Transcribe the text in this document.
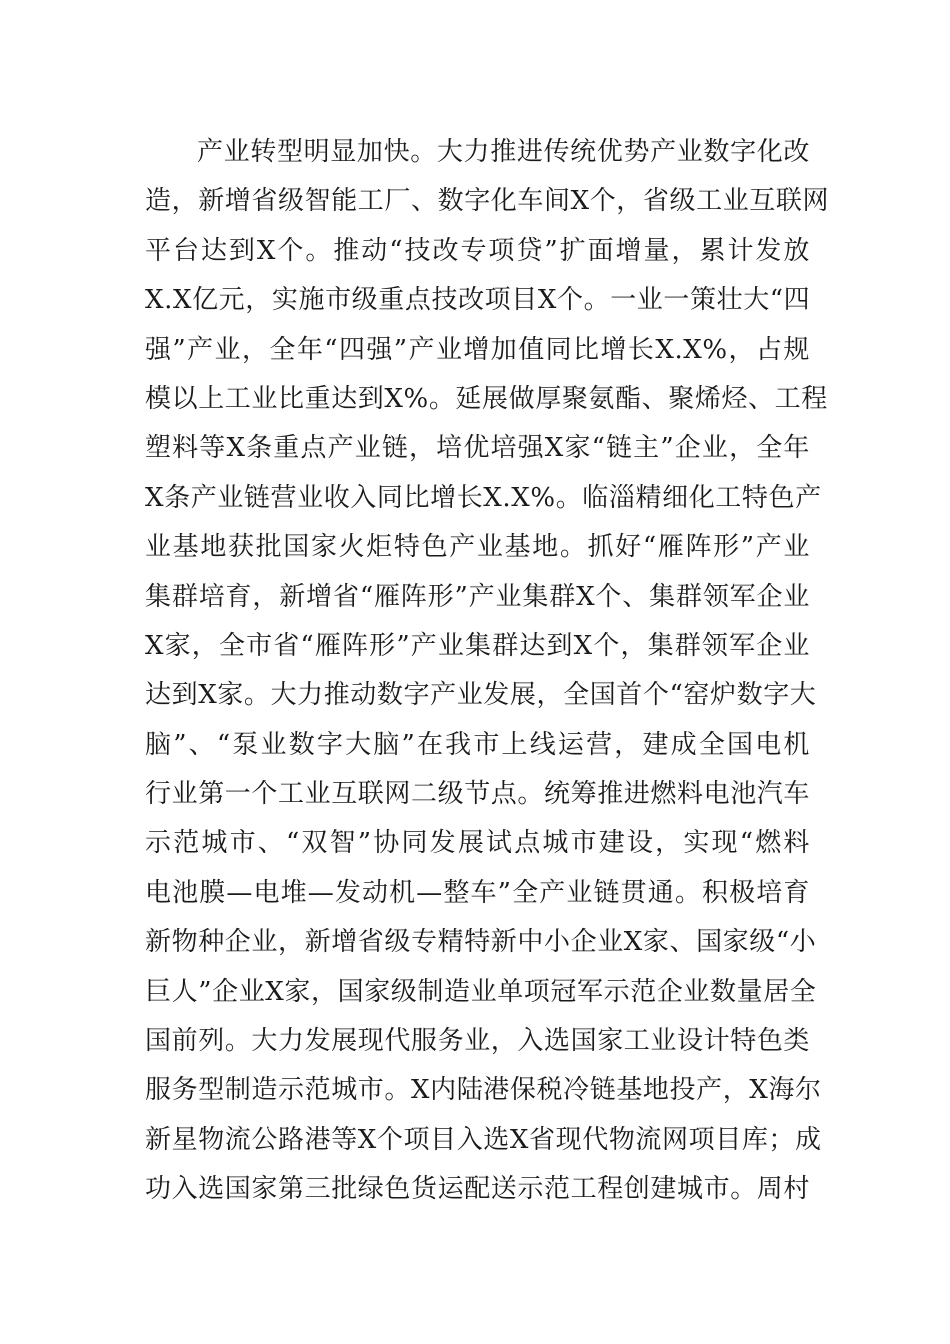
产业转型明显加快。大力推进传统优势产业数字化改
造，新增省级智能工厂、数字化车间X个，省级工业互联网
平台达到X个。推动“技改专项贷”扩面增量，累计发放
X.X亿元，实施市级重点技改项目X个。一业一策壮大“四
强”产业，全年“四强”产业增加值同比增长X.X%，占规
模以上工业比重达到X%。延展做厚聚氨酯、聚烯烃、工程
塑料等X条重点产业链，培优培强X家“链主”企业，全年
X条产业链营业收入同比增长X.X%。临淄精细化工特色产
业基地获批国家火炬特色产业基地。抓好“雁阵形”产业
集群培育，新增省“雁阵形”产业集群X个、集群领军企业
X家，全市省“雁阵形”产业集群达到X个，集群领军企业
达到X家。大力推动数字产业发展，全国首个“窑炉数字大
脑”、“泵业数字大脑”在我市上线运营，建成全国电机
行业第一个工业互联网二级节点。统筹推进燃料电池汽车
示范城市、“双智”协同发展试点城市建设，实现“燃料
电池膜—电堆—发动机—整车”全产业链贯通。积极培育
新物种企业，新增省级专精特新中小企业X家、国家级“小
巨人”企业X家，国家级制造业单项冠军示范企业数量居全
国前列。大力发展现代服务业，入选国家工业设计特色类
服务型制造示范城市。X内陆港保税冷链基地投产，X海尔
新星物流公路港等X个项目入选X省现代物流网项目库；成
功入选国家第三批绿色货运配送示范工程创建城市。周村
